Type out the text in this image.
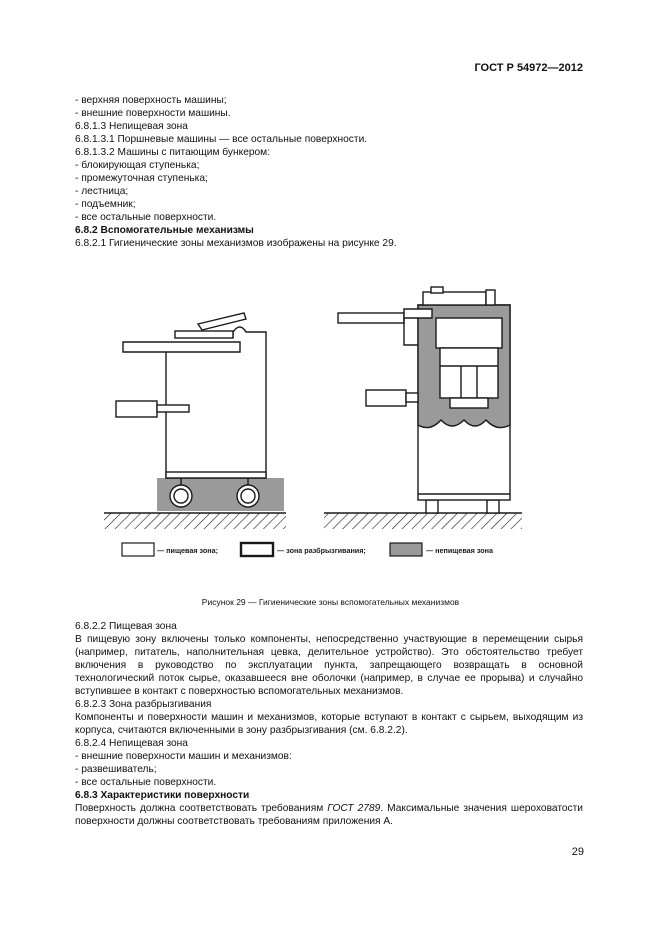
ГОСТ Р 54972—2012

- верхняя поверхность машины;

- внешние поверхности машины.

6.8.1.3 Непищевая зона

6.8.1.3.1 Поршневые машины — все остальные поверхности.

6.8.1.3.2 Машины с питающим бункером:

- блокирующая ступенька;

- промежуточная ступенька;

- лестница;

- подъемник;

- все остальные поверхности.

6.8.2 Вспомогательные механизмы

6.8.2.1 Гигиенические зоны механизмов изображены на рисунке 29.

— пищевая зона;	— зона разбрызгивания;	— непищевая зона
Рисунок 29 — Гигиенические зоны вспомогательных механизмов

6.8.2.2 Пищевая зона

В пищевую зону включены только компоненты, непосредственно участвующие в перемещении сырья (например, питатель, наполнительная цевка, делительное устройство). Это обстоятельство требует включения в руководство по эксплуатации пункта, запрещающего возвращать в основной технологический поток сырье, оказавшееся вне оболочки (например, в случае ее прорыва) и случайно вступившее в контакт с поверхностью вспомогательных механизмов.

6.8.2.3 Зона разбрызгивания

Компоненты и поверхности машин и механизмов, которые вступают в контакт с сырьем, выходящим из корпуса, считаются включенными в зону разбрызгивания (см. 6.8.2.2).

6.8.2.4 Непищевая зона

- внешние поверхности машин и механизмов:

- развешиватель;

- все остальные поверхности.

6.8.3 Характеристики поверхности

Поверхность должна соответствовать требованиям ГОСТ 2789. Максимальные значения шероховатости поверхности должны соответствовать требованиям приложения А.

29
